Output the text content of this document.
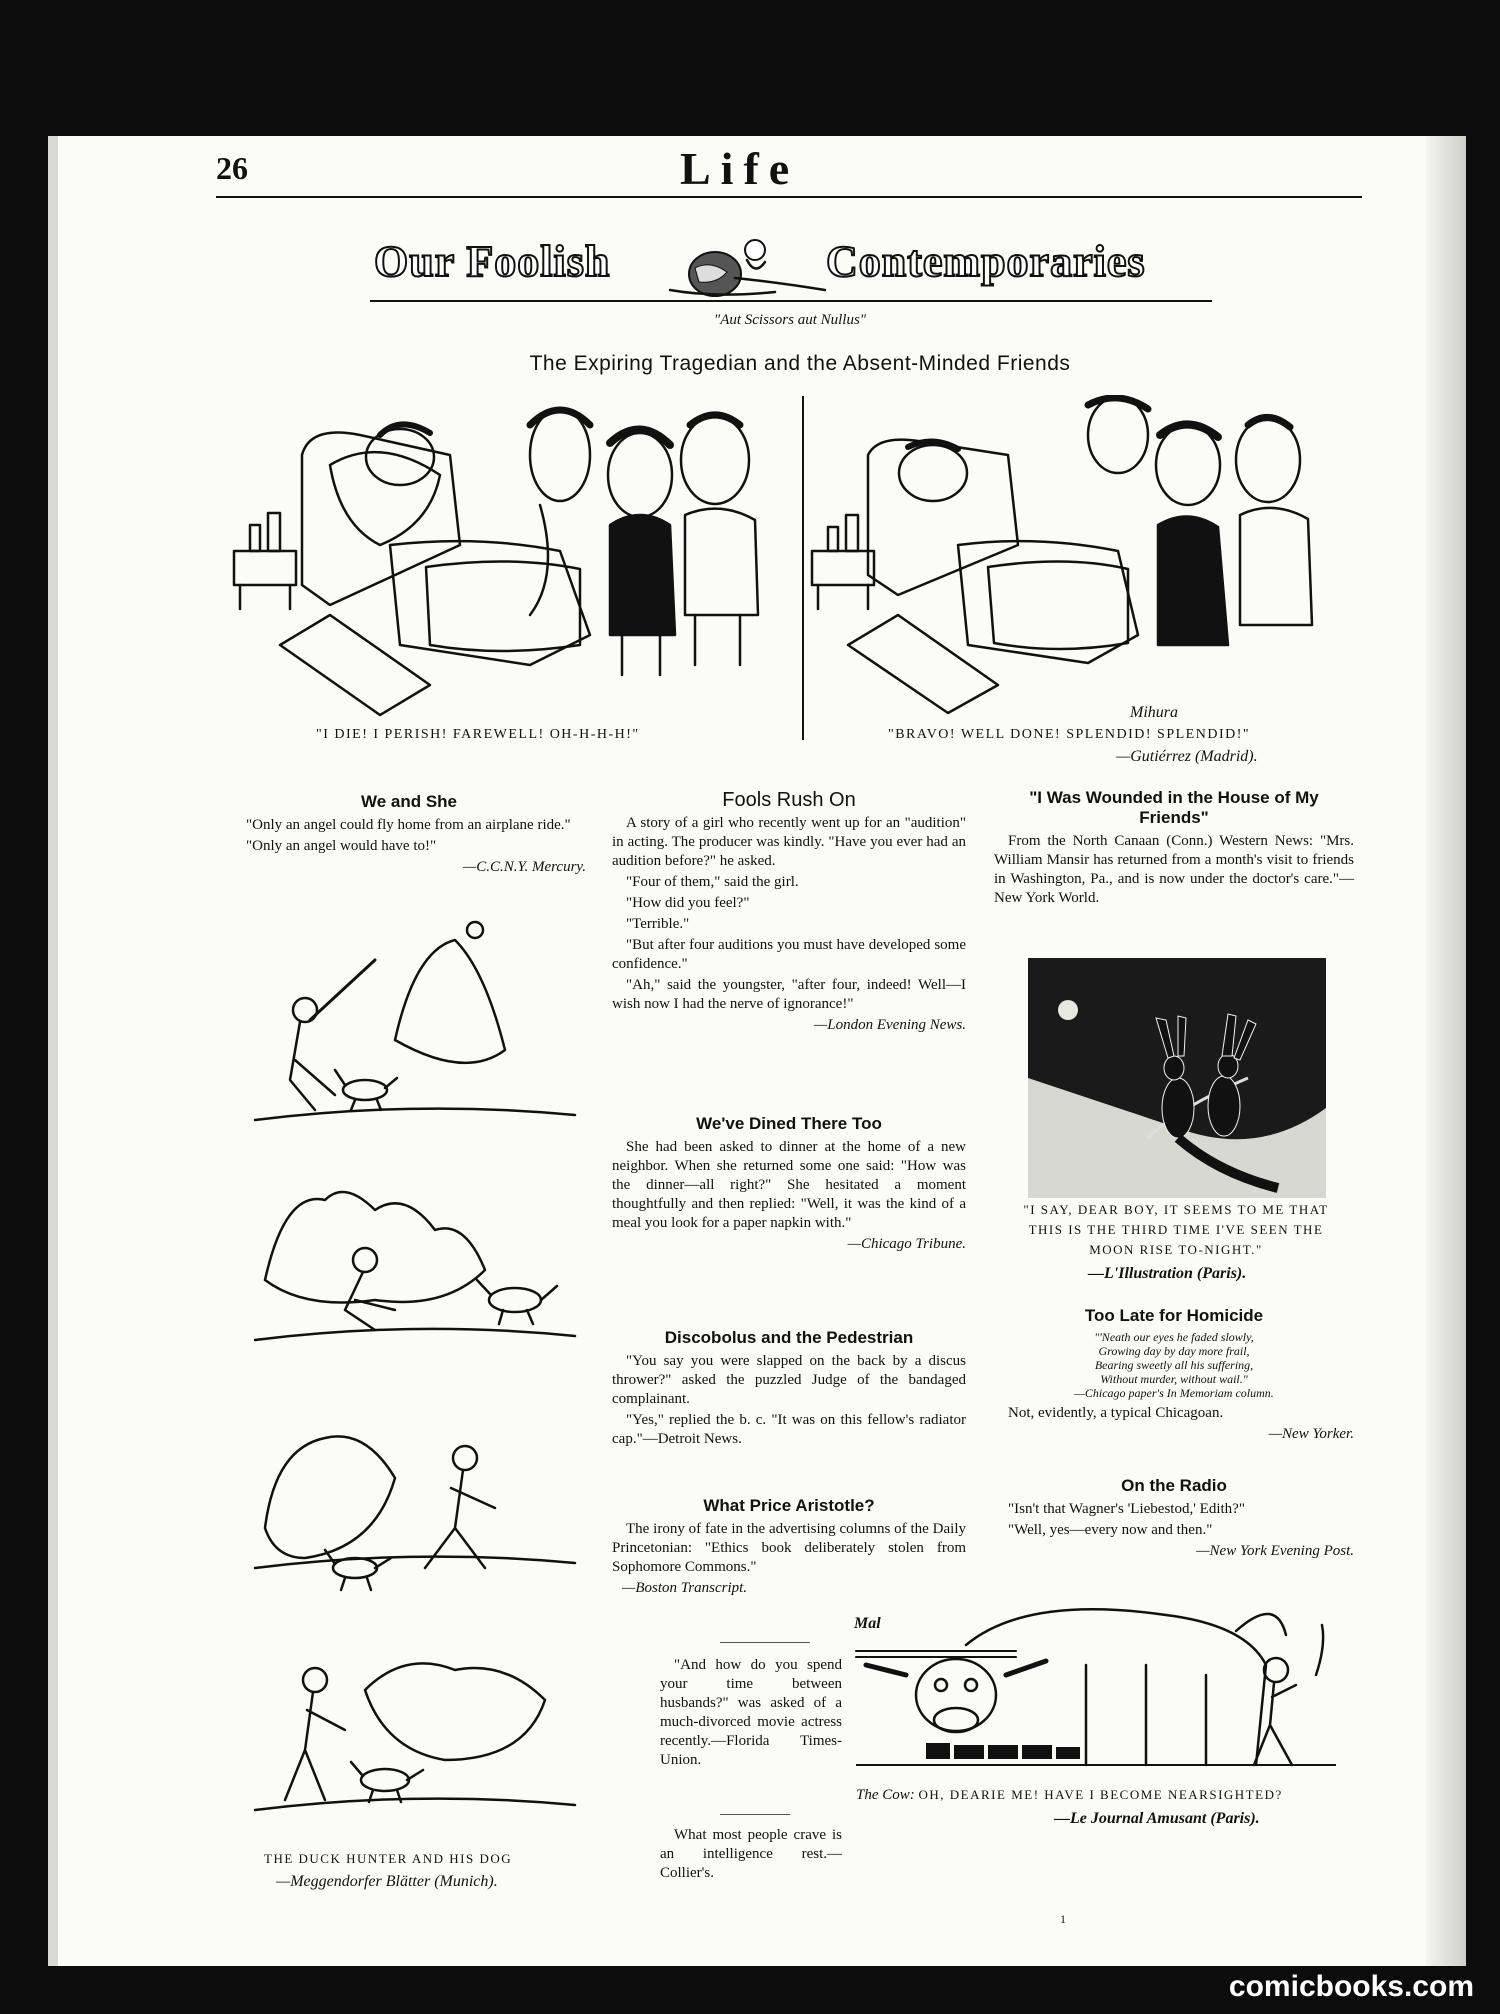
26	Life
Our Foolish	Contemporaries
"Aut Scissors aut Nullus"
The Expiring Tragedian and the Absent-Minded Friends
"I DIE! I PERISH! FAREWELL! OH-H-H-H!"
Mihura
"BRAVO! WELL DONE! SPLENDID! SPLENDID!"
—Gutiérrez (Madrid).
We and She

"Only an angel could fly home from an airplane ride."

"Only an angel would have to!"

—C.C.N.Y. Mercury.
THE DUCK HUNTER AND HIS DOG
—Meggendorfer Blätter (Munich).
Fools Rush On

A story of a girl who recently went up for an "audition" in acting. The producer was kindly. "Have you ever had an audition before?" he asked.

"Four of them," said the girl.

"How did you feel?"

"Terrible."

"But after four auditions you must have developed some confidence."

"Ah," said the youngster, "after four, indeed! Well—I wish now I had the nerve of ignorance!"

—London Evening News.
We've Dined There Too

She had been asked to dinner at the home of a new neighbor. When she returned some one said: "How was the dinner—all right?" She hesitated a moment thoughtfully and then replied: "Well, it was the kind of a meal you look for a paper napkin with."

—Chicago Tribune.
Discobolus and the Pedestrian

"You say you were slapped on the back by a discus thrower?" asked the puzzled Judge of the bandaged complainant.

"Yes," replied the b. c. "It was on this fellow's radiator cap."—Detroit News.

What Price Aristotle?

The irony of fate in the advertising columns of the Daily Princetonian: "Ethics book deliberately stolen from Sophomore Commons."

—Boston Transcript.

"And how do you spend your time between husbands?" was asked of a much-divorced movie actress recently.—Florida Times-Union.

What most people crave is an intelligence rest.—Collier's.

"I Was Wounded in the House of My Friends"

From the North Canaan (Conn.) Western News: "Mrs. William Mansir has returned from a month's visit to friends in Washington, Pa., and is now under the doctor's care."—New York World.

"I SAY, DEAR BOY, IT SEEMS TO ME THAT THIS IS THE THIRD TIME I'VE SEEN THE MOON RISE TO-NIGHT."
—L'Illustration (Paris).
Too Late for Homicide
"'Neath our eyes he faded slowly,
Growing day by day more frail,
Bearing sweetly all his suffering,
Without murder, without wail."
—Chicago paper's In Memoriam column.

Not, evidently, a typical Chicagoan.

—New Yorker.
On the Radio

"Isn't that Wagner's 'Liebestod,' Edith?"

"Well, yes—every now and then."

—New York Evening Post.
Mal
The Cow: OH, DEARIE ME! HAVE I BECOME NEARSIGHTED?
—Le Journal Amusant (Paris).
1
comicbooks.com
